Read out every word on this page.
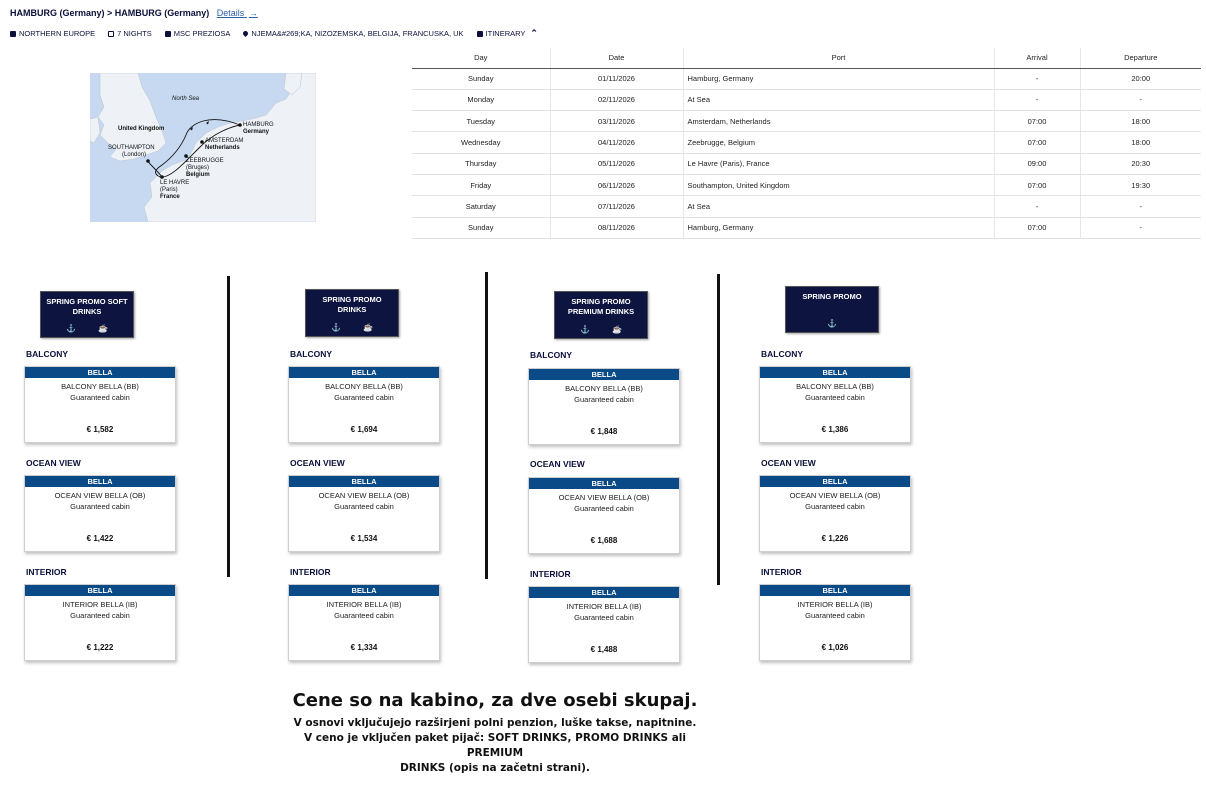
HAMBURG (Germany) > HAMBURG (Germany) Details →
NORTHERN EUROPE	7 NIGHTS	MSC PREZIOSA	NJEMA&#269;KA, NIZOZEMSKA, BELGIJA, FRANCUSKA, UK	ITINERARY ⌃
North Sea
United Kingdom
HAMBURG
Germany
AMSTERDAM
Netherlands
SOUTHAMPTON
(London)
ZEEBRUGGE
(Bruges)
Belgium
LE HAVRE
(Paris)
France
Day	Date	Port	Arrival	Departure
Sunday	01/11/2026	Hamburg, Germany	-	20:00
Monday	02/11/2026	At Sea	-	-
Tuesday	03/11/2026	Amsterdam, Netherlands	07:00	18:00
Wednesday	04/11/2026	Zeebrugge, Belgium	07:00	18:00
Thursday	05/11/2026	Le Havre (Paris), France	09:00	20:30
Friday	06/11/2026	Southampton, United Kingdom	07:00	19:30
Saturday	07/11/2026	At Sea	-	-
Sunday	08/11/2026	Hamburg, Germany	07:00	-
SPRING PROMO SOFT DRINKS
⚓	☕
BALCONY
BELLA
BALCONY BELLA (BB)
Guaranteed cabin
€ 1,582
OCEAN VIEW
BELLA
OCEAN VIEW BELLA (OB)
Guaranteed cabin
€ 1,422
INTERIOR
BELLA
INTERIOR BELLA (IB)
Guaranteed cabin
€ 1,222
SPRING PROMO DRINKS
⚓	☕
BALCONY
BELLA
BALCONY BELLA (BB)
Guaranteed cabin
€ 1,694
OCEAN VIEW
BELLA
OCEAN VIEW BELLA (OB)
Guaranteed cabin
€ 1,534
INTERIOR
BELLA
INTERIOR BELLA (IB)
Guaranteed cabin
€ 1,334
SPRING PROMO PREMIUM DRINKS
⚓	☕
BALCONY
BELLA
BALCONY BELLA (BB)
Guaranteed cabin
€ 1,848
OCEAN VIEW
BELLA
OCEAN VIEW BELLA (OB)
Guaranteed cabin
€ 1,688
INTERIOR
BELLA
INTERIOR BELLA (IB)
Guaranteed cabin
€ 1,488
SPRING PROMO
⚓
BALCONY
BELLA
BALCONY BELLA (BB)
Guaranteed cabin
€ 1,386
OCEAN VIEW
BELLA
OCEAN VIEW BELLA (OB)
Guaranteed cabin
€ 1,226
INTERIOR
BELLA
INTERIOR BELLA (IB)
Guaranteed cabin
€ 1,026
Cene so na kabino, za dve osebi skupaj.
V osnovi vključujejo razširjeni polni penzion, luške takse, napitnine.
V ceno je vključen paket pijač: SOFT DRINKS, PROMO DRINKS ali PREMIUM
DRINKS (opis na začetni strani).
